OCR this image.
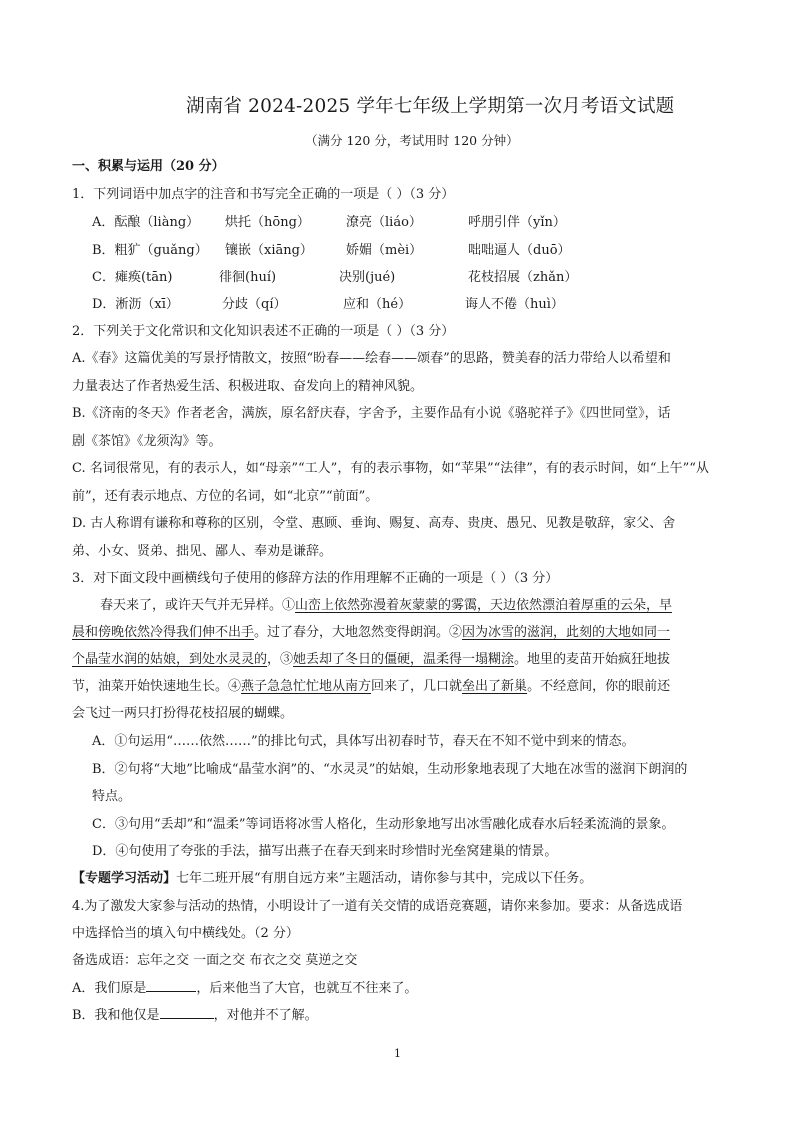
湖南省 2024-2025 学年七年级上学期第一次月考语文试题
（满分 120 分，考试用时 120 分钟）
一、积累与运用（20 分）
1．下列词语中加点字的注音和书写完全正确的一项是（ ）（3 分）
A．酝酿（liàng） 烘托（hōng）	潦亮（liáo）	呼朋引伴（yǐn）
B．粗犷（guǎng） 镶嵌（xiāng）	娇媚（mèi）	咄咄逼人（duō）
C．瘫痪(tān)	徘徊(huí)	决别(jué)	花枝招展（zhǎn）
D．淅沥（xī）	分歧（qí）	应和（hé）	诲人不倦（huì）
2．下列关于文化常识和文化知识表述不正确的一项是（ ）（3 分）
A.《春》这篇优美的写景抒情散文，按照“盼春——绘春——颂春”的思路，赞美春的活力带给人以希望和
力量表达了作者热爱生活、积极进取、奋发向上的精神风貌。
B.《济南的冬天》作者老舍，满族，原名舒庆春，字舍予，主要作品有小说《骆驼祥子》《四世同堂》，话
剧《茶馆》《龙须沟》等。
C. 名词很常见，有的表示人，如“母亲”“工人”，有的表示事物，如“苹果”“法律”，有的表示时间，如“上午”“从
前”，还有表示地点、方位的名词，如“北京”“前面”。
D. 古人称谓有谦称和尊称的区别，令堂、惠顾、垂询、赐复、高寿、贵庚、愚兄、见教是敬辞，家父、舍
弟、小女、贤弟、拙见、鄙人、奉劝是谦辞。
3．对下面文段中画横线句子使用的修辞方法的作用理解不正确的一项是（ ）（3 分）
春天来了，或许天气并无异样。①山峦上依然弥漫着灰蒙蒙的雾霭，天边依然漂泊着厚重的云朵，早
晨和傍晚依然冷得我们伸不出手。过了春分，大地忽然变得朗润。②因为冰雪的滋润，此刻的大地如同一
个晶莹水润的姑娘，到处水灵灵的，③她丢却了冬日的僵硬，温柔得一塌糊涂。地里的麦苗开始疯狂地拔
节，油菜开始快速地生长。④燕子急急忙忙地从南方回来了，几口就垒出了新巢。不经意间，你的眼前还
会飞过一两只打扮得花枝招展的蝴蝶。
A．①句运用“……依然……”的排比句式，具体写出初春时节，春天在不知不觉中到来的情态。
B．②句将“大地”比喻成“晶莹水润”的、“水灵灵”的姑娘，生动形象地表现了大地在冰雪的滋润下朗润的
特点。
C．③句用“丢却”和“温柔”等词语将冰雪人格化，生动形象地写出冰雪融化成春水后轻柔流淌的景象。
D．④句使用了夸张的手法，描写出燕子在春天到来时珍惜时光垒窝建巢的情景。
【专题学习活动】七年二班开展“有朋自远方来”主题活动，请你参与其中，完成以下任务。
4.为了激发大家参与活动的热情，小明设计了一道有关交情的成语竞赛题，请你来参加。要求：从备选成语
中选择恰当的填入句中横线处。（2 分）
备选成语：忘年之交 一面之交 布衣之交 莫逆之交
A．我们原是	，后来他当了大官，也就互不往来了。
B．我和他仅是	，对他并不了解。
1
